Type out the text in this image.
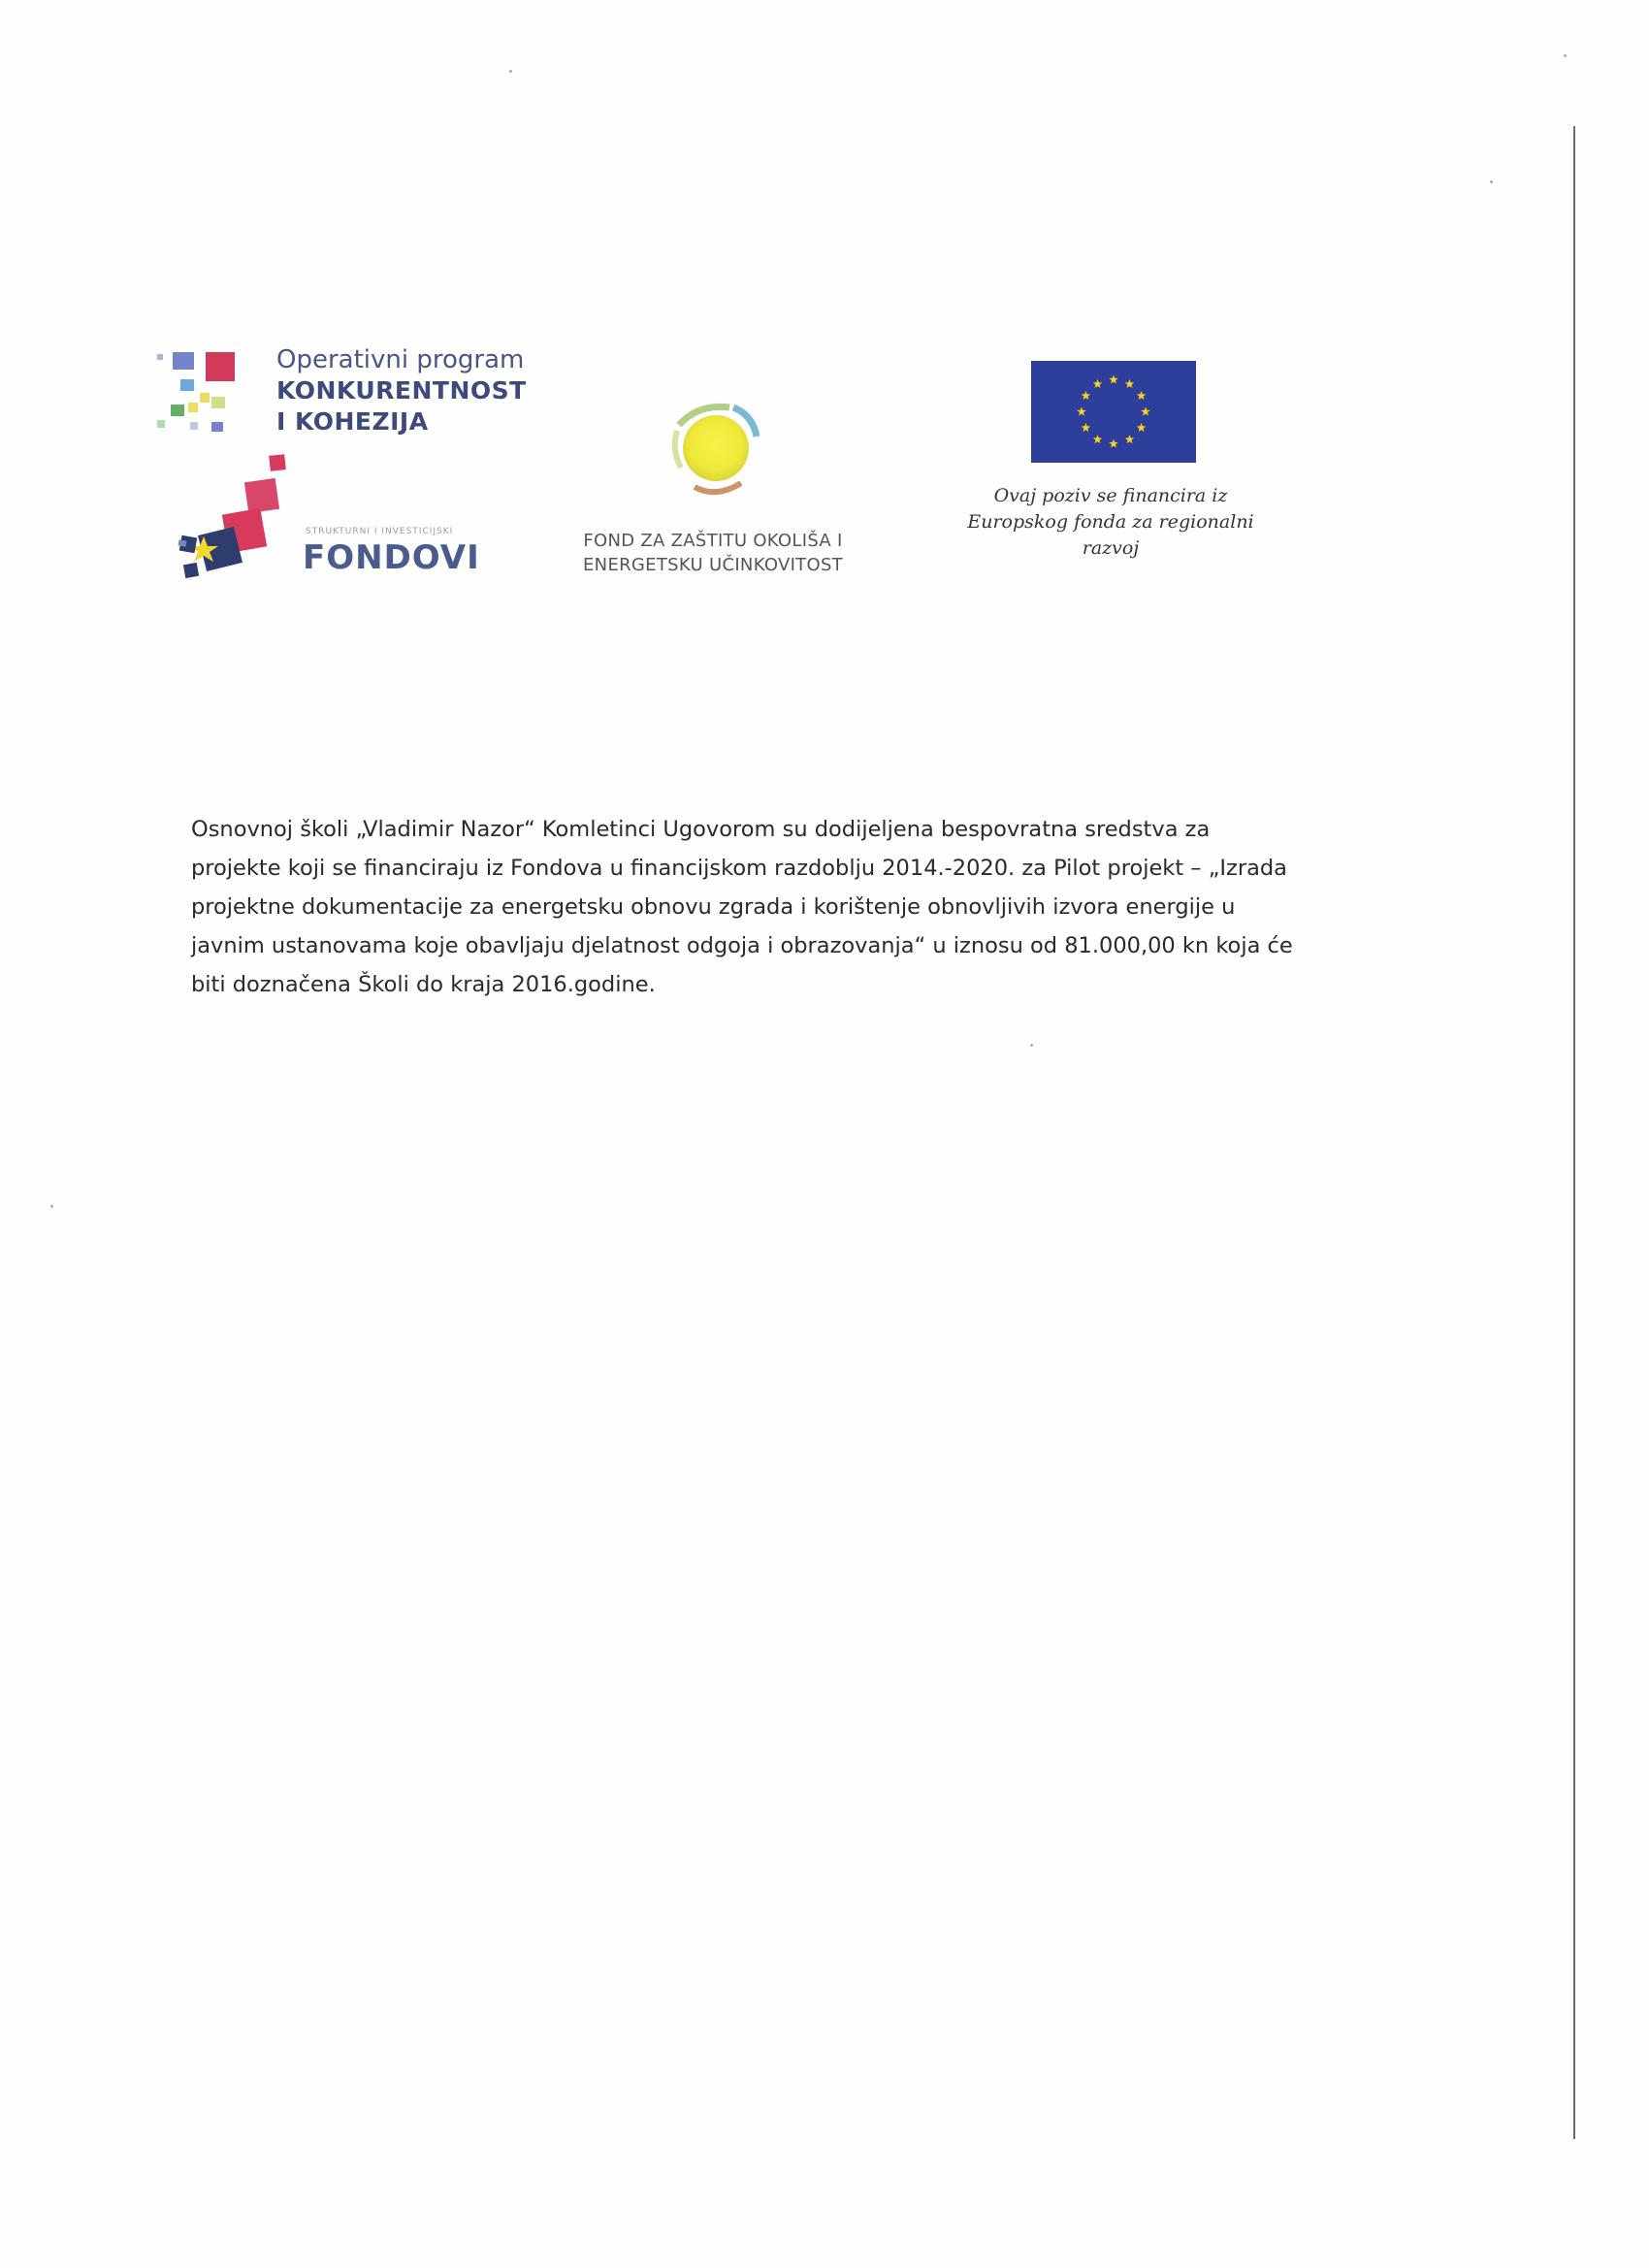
Operativni program
KONKURENTNOST
I KOHEZIJA
STRUKTURNI I INVESTICIJSKI
FONDOVI	FOND ZA ZAŠTITU OKOLIŠA I
ENERGETSKU UČINKOVITOST
Ovaj poziv se financira iz
Europskog fonda za regionalni
razvoj
Osnovnoj školi „Vladimir Nazor“ Komletinci Ugovorom su dodijeljena bespovratna sredstva za
projekte koji se financiraju iz Fondova u financijskom razdoblju 2014.-2020. za Pilot projekt – „Izrada
projektne dokumentacije za energetsku obnovu zgrada i korištenje obnovljivih izvora energije u
javnim ustanovama koje obavljaju djelatnost odgoja i obrazovanja“ u iznosu od 81.000,00 kn koja će
biti doznačena Školi do kraja 2016.godine.
